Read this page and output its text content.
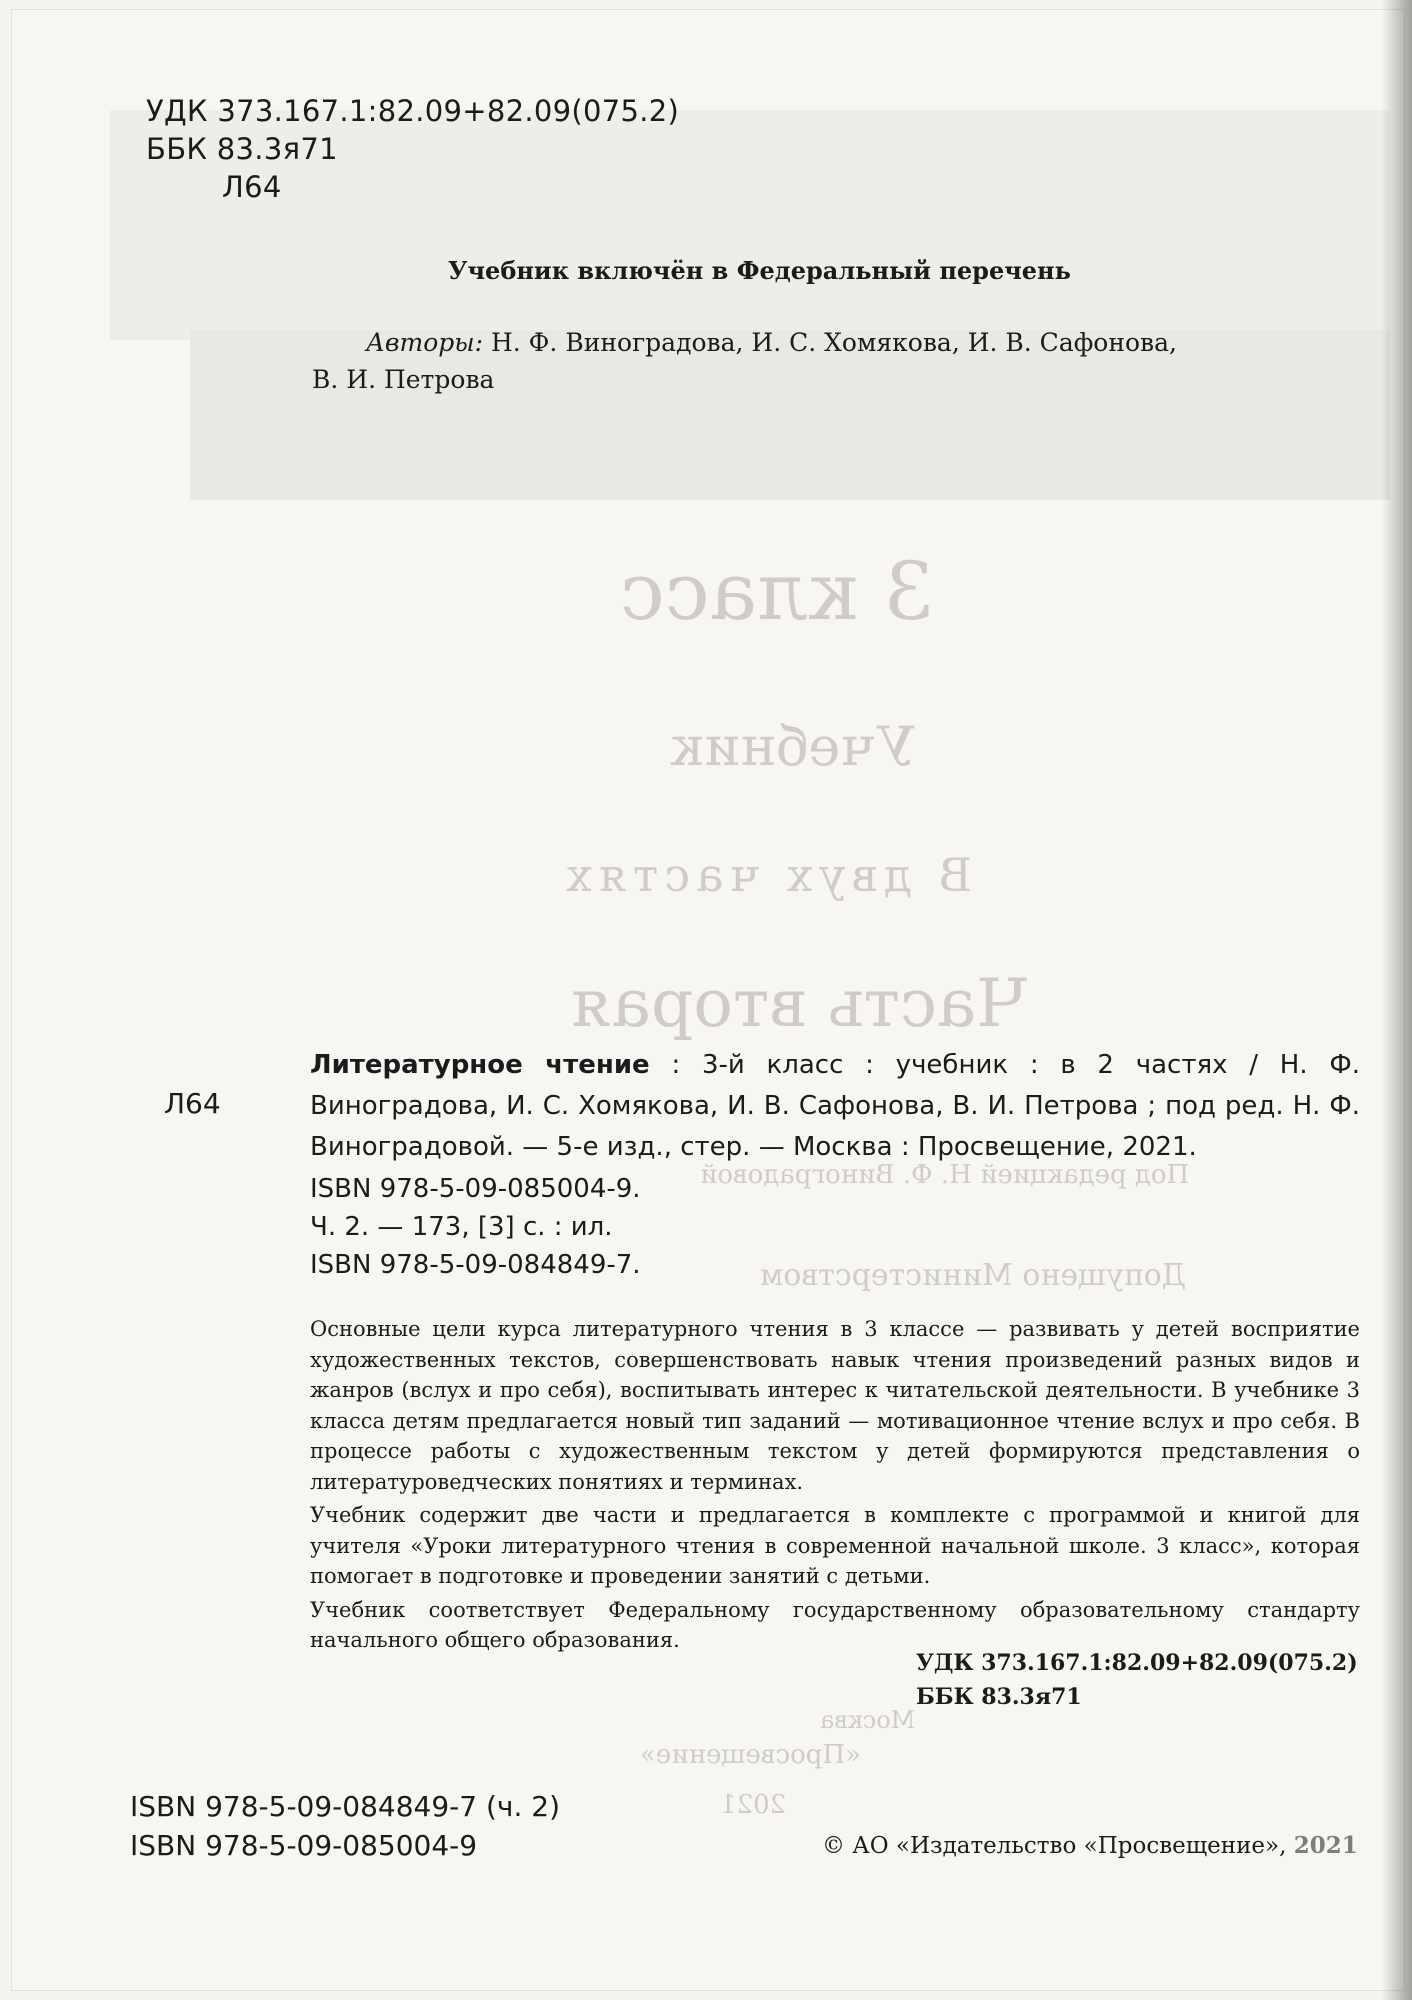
3 класс
Учебник
В двух частях
Часть вторая
Под редакцией Н. Ф. Виноградовой
Допущено Министерством
Москва
«Просвещение»
2021
УДК 373.167.1:82.09+82.09(075.2)
ББК 83.3я71
Л64
Учебник включён в Федеральный перечень
Авторы: Н. Ф. Виноградова, И. С. Хомякова, И. В. Сафонова,
В. И. Петрова
Л64
Литературное чтение : 3-й класс : учебник : в 2 частях / Н. Ф. Виноградова, И. С. Хомякова, И. В. Сафонова, В. И. Петрова ; под ред. Н. Ф. Виноградовой. — 5-е изд., стер. — Москва : Просвещение, 2021.
ISBN 978-5-09-085004-9.
Ч. 2. — 173, [3] с. : ил.
ISBN 978-5-09-084849-7.

Основные цели курса литературного чтения в 3 классе — развивать у детей восприятие художественных текстов, совершенствовать навык чтения произведений разных видов и жанров (вслух и про себя), воспитывать интерес к читательской деятельности. В учебнике 3 класса детям предлагается новый тип заданий — мотивационное чтение вслух и про себя. В процессе работы с художественным текстом у детей формируются представления о литературоведческих понятиях и терминах.

Учебник содержит две части и предлагается в комплекте с программой и книгой для учителя «Уроки литературного чтения в современной начальной школе. 3 класс», которая помогает в подготовке и проведении занятий с детьми.

Учебник соответствует Федеральному государственному образовательному стандарту начального общего образования.

УДК 373.167.1:82.09+82.09(075.2)
ББК 83.3я71
ISBN 978-5-09-084849-7 (ч. 2)
ISBN 978-5-09-085004-9	© АО «Издательство «Просвещение», 2021
